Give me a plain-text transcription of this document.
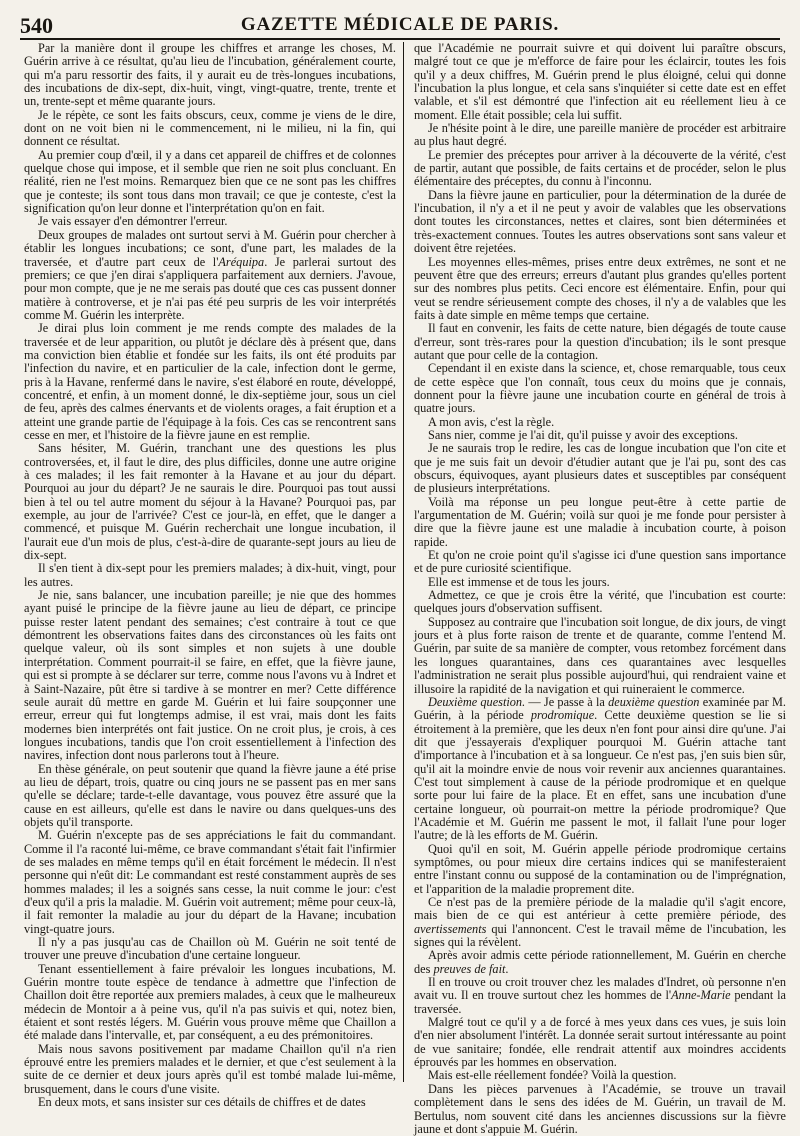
540	GAZETTE MÉDICALE DE PARIS.

Par la manière dont il groupe les chiffres et arrange les choses, M. Guérin arrive à ce résultat, qu'au lieu de l'incubation, généralement courte, qui m'a paru ressortir des faits, il y aurait eu de très-longues incubations, des incubations de dix-sept, dix-huit, vingt, vingt-quatre, trente, trente et un, trente-sept et même quarante jours.

Je le répète, ce sont les faits obscurs, ceux, comme je viens de le dire, dont on ne voit bien ni le commencement, ni le milieu, ni la fin, qui donnent ce résultat.

Au premier coup d'œil, il y a dans cet appareil de chiffres et de colonnes quelque chose qui impose, et il semble que rien ne soit plus concluant. En réalité, rien ne l'est moins. Remarquez bien que ce ne sont pas les chiffres que je conteste; ils sont tous dans mon travail; ce que je conteste, c'est la signification qu'on leur donne et l'interprétation qu'on en fait.

Je vais essayer d'en démontrer l'erreur.

Deux groupes de malades ont surtout servi à M. Guérin pour chercher à établir les longues incubations; ce sont, d'une part, les malades de la traversée, et d'autre part ceux de l'Aréquipa. Je parlerai surtout des premiers; ce que j'en dirai s'appliquera parfaitement aux derniers. J'avoue, pour mon compte, que je ne me serais pas douté que ces cas pussent donner matière à controverse, et je n'ai pas été peu surpris de les voir interprétés comme M. Guérin les interprète.

Je dirai plus loin comment je me rends compte des malades de la traversée et de leur apparition, ou plutôt je déclare dès à présent que, dans ma conviction bien établie et fondée sur les faits, ils ont été produits par l'infection du navire, et en particulier de la cale, infection dont le germe, pris à la Havane, renfermé dans le navire, s'est élaboré en route, développé, concentré, et enfin, à un moment donné, le dix-septième jour, sous un ciel de feu, après des calmes énervants et de violents orages, a fait éruption et a atteint une grande partie de l'équipage à la fois. Ces cas se rencontrent sans cesse en mer, et l'histoire de la fièvre jaune en est remplie.

Sans hésiter, M. Guérin, tranchant une des questions les plus controversées, et, il faut le dire, des plus difficiles, donne une autre origine à ces malades; il les fait remonter à la Havane et au jour du départ. Pourquoi au jour du départ? Je ne saurais le dire. Pourquoi pas tout aussi bien à tel ou tel autre moment du séjour à la Havane? Pourquoi pas, par exemple, au jour de l'arrivée? C'est ce jour-là, en effet, que le danger a commencé, et puisque M. Guérin recherchait une longue incubation, il l'aurait eue d'un mois de plus, c'est-à-dire de quarante-sept jours au lieu de dix-sept.

Il s'en tient à dix-sept pour les premiers malades; à dix-huit, vingt, pour les autres.

Je nie, sans balancer, une incubation pareille; je nie que des hommes ayant puisé le principe de la fièvre jaune au lieu de départ, ce principe puisse rester latent pendant des semaines; c'est contraire à tout ce que démontrent les observations faites dans des circonstances où les faits ont quelque valeur, où ils sont simples et non sujets à une double interprétation. Comment pourrait-il se faire, en effet, que la fièvre jaune, qui est si prompte à se déclarer sur terre, comme nous l'avons vu à Indret et à Saint-Nazaire, pût être si tardive à se montrer en mer? Cette différence seule aurait dû mettre en garde M. Guérin et lui faire soupçonner une erreur, erreur qui fut longtemps admise, il est vrai, mais dont les faits modernes bien interprétés ont fait justice. On ne croit plus, je crois, à ces longues incubations, tandis que l'on croit essentiellement à l'infection des navires, infection dont nous parlerons tout à l'heure.

En thèse générale, on peut soutenir que quand la fièvre jaune a été prise au lieu de départ, trois, quatre ou cinq jours ne se passent pas en mer sans qu'elle se déclare; tarde-t-elle davantage, vous pouvez être assuré que la cause en est ailleurs, qu'elle est dans le navire ou dans quelques-uns des objets qu'il transporte.

M. Guérin n'excepte pas de ses appréciations le fait du commandant. Comme il l'a raconté lui-même, ce brave commandant s'était fait l'infirmier de ses malades en même temps qu'il en était forcément le médecin. Il n'est personne qui n'eût dit: Le commandant est resté constamment auprès de ses hommes malades; il les a soignés sans cesse, la nuit comme le jour: c'est d'eux qu'il a pris la maladie. M. Guérin voit autrement; même pour ceux-là, il fait remonter la maladie au jour du départ de la Havane; incubation vingt-quatre jours.

Il n'y a pas jusqu'au cas de Chaillon où M. Guérin ne soit tenté de trouver une preuve d'incubation d'une certaine longueur.

Tenant essentiellement à faire prévaloir les longues incubations, M. Guérin montre toute espèce de tendance à admettre que l'infection de Chaillon doit être reportée aux premiers malades, à ceux que le malheureux médecin de Montoir a à peine vus, qu'il n'a pas suivis et qui, notez bien, étaient et sont restés légers. M. Guérin vous prouve même que Chaillon a été malade dans l'intervalle, et, par conséquent, a eu des prémonitoires.

Mais nous savons positivement par madame Chaillon qu'il n'a rien éprouvé entre les premiers malades et le dernier, et que c'est seulement à la suite de ce dernier et deux jours après qu'il est tombé malade lui-même, brusquement, dans le cours d'une visite.

En deux mots, et sans insister sur ces détails de chiffres et de dates

que l'Académie ne pourrait suivre et qui doivent lui paraître obscurs, malgré tout ce que je m'efforce de faire pour les éclaircir, toutes les fois qu'il y a deux chiffres, M. Guérin prend le plus éloigné, celui qui donne l'incubation la plus longue, et cela sans s'inquiéter si cette date est en effet valable, et s'il est démontré que l'infection ait eu réellement lieu à ce moment. Elle était possible; cela lui suffit.

Je n'hésite point à le dire, une pareille manière de procéder est arbitraire au plus haut degré.

Le premier des préceptes pour arriver à la découverte de la vérité, c'est de partir, autant que possible, de faits certains et de procéder, selon le plus élémentaire des préceptes, du connu à l'inconnu.

Dans la fièvre jaune en particulier, pour la détermination de la durée de l'incubation, il n'y a et il ne peut y avoir de valables que les observations dont toutes les circonstances, nettes et claires, sont bien déterminées et très-exactement connues. Toutes les autres observations sont sans valeur et doivent être rejetées.

Les moyennes elles-mêmes, prises entre deux extrêmes, ne sont et ne peuvent être que des erreurs; erreurs d'autant plus grandes qu'elles portent sur des nombres plus petits. Ceci encore est élémentaire. Enfin, pour qui veut se rendre sérieusement compte des choses, il n'y a de valables que les faits à date simple en même temps que certaine.

Il faut en convenir, les faits de cette nature, bien dégagés de toute cause d'erreur, sont très-rares pour la question d'incubation; ils le sont presque autant que pour celle de la contagion.

Cependant il en existe dans la science, et, chose remarquable, tous ceux de cette espèce que l'on connaît, tous ceux du moins que je connais, donnent pour la fièvre jaune une incubation courte en général de trois à quatre jours.

A mon avis, c'est la règle.

Sans nier, comme je l'ai dit, qu'il puisse y avoir des exceptions.

Je ne saurais trop le redire, les cas de longue incubation que l'on cite et que je me suis fait un devoir d'étudier autant que je l'ai pu, sont des cas obscurs, équivoques, ayant plusieurs dates et susceptibles par conséquent de plusieurs interprétations.

Voilà ma réponse un peu longue peut-être à cette partie de l'argumentation de M. Guérin; voilà sur quoi je me fonde pour persister à dire que la fièvre jaune est une maladie à incubation courte, à poison rapide.

Et qu'on ne croie point qu'il s'agisse ici d'une question sans importance et de pure curiosité scientifique.

Elle est immense et de tous les jours.

Admettez, ce que je crois être la vérité, que l'incubation est courte: quelques jours d'observation suffisent.

Supposez au contraire que l'incubation soit longue, de dix jours, de vingt jours et à plus forte raison de trente et de quarante, comme l'entend M. Guérin, par suite de sa manière de compter, vous retombez forcément dans les longues quarantaines, dans ces quarantaines avec lesquelles l'administration ne serait plus possible aujourd'hui, qui rendraient vaine et illusoire la rapidité de la navigation et qui ruineraient le commerce.

Deuxième question. — Je passe à la deuxième question examinée par M. Guérin, à la période prodromique. Cette deuxième question se lie si étroitement à la première, que les deux n'en font pour ainsi dire qu'une. J'ai dit que j'essayerais d'expliquer pourquoi M. Guérin attache tant d'importance à l'incubation et à sa longueur. Ce n'est pas, j'en suis bien sûr, qu'il ait la moindre envie de nous voir revenir aux anciennes quarantaines. C'est tout simplement à cause de la période prodromique et en quelque sorte pour lui faire de la place. Et en effet, sans une incubation d'une certaine longueur, où pourrait-on mettre la période prodromique? Que l'Académie et M. Guérin me passent le mot, il fallait l'une pour loger l'autre; de là les efforts de M. Guérin.

Quoi qu'il en soit, M. Guérin appelle période prodromique certains symptômes, ou pour mieux dire certains indices qui se manifesteraient entre l'instant connu ou supposé de la contamination ou de l'imprégnation, et l'apparition de la maladie proprement dite.

Ce n'est pas de la première période de la maladie qu'il s'agit encore, mais bien de ce qui est antérieur à cette première période, des avertissements qui l'annoncent. C'est le travail même de l'incubation, les signes qui la révèlent.

Après avoir admis cette période rationnellement, M. Guérin en cherche des preuves de fait.

Il en trouve ou croit trouver chez les malades d'Indret, où personne n'en avait vu. Il en trouve surtout chez les hommes de l'Anne-Marie pendant la traversée.

Malgré tout ce qu'il y a de forcé à mes yeux dans ces vues, je suis loin d'en nier absolument l'intérêt. La donnée serait surtout intéressante au point de vue sanitaire; fondée, elle rendrait attentif aux moindres accidents éprouvés par les hommes en observation.

Mais est-elle réellement fondée? Voilà la question.

Dans les pièces parvenues à l'Académie, se trouve un travail complètement dans le sens des idées de M. Guérin, un travail de M. Bertulus, nom souvent cité dans les anciennes discussions sur la fièvre jaune et dont s'appuie M. Guérin.
